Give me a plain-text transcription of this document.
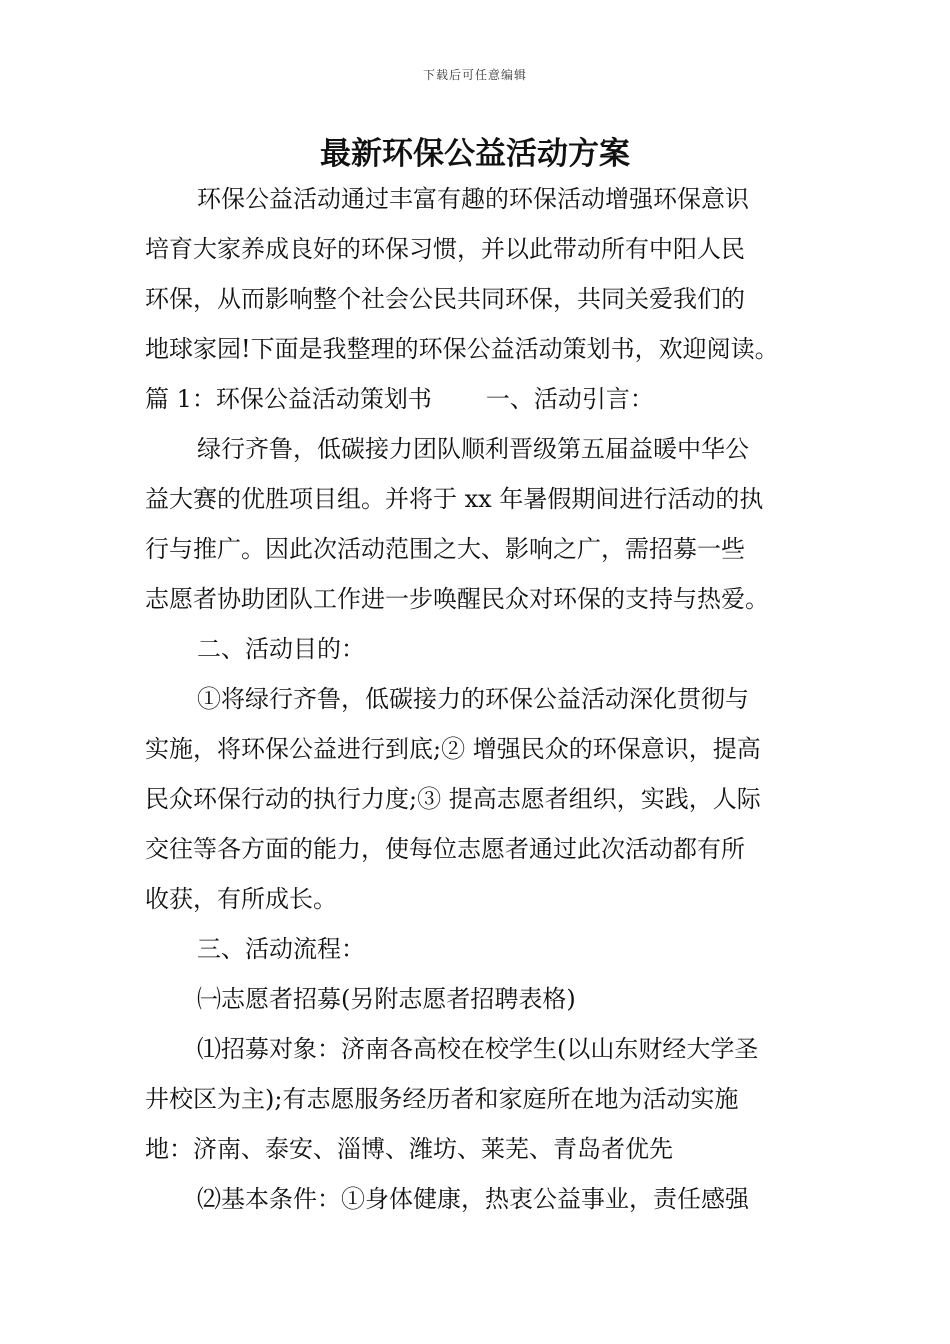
下载后可任意编辑
最新环保公益活动方案
环保公益活动通过丰富有趣的环保活动增强环保意识
培育大家养成良好的环保习惯，并以此带动所有中阳人民
环保，从而影响整个社会公民共同环保，共同关爱我们的
地球家园!下面是我整理的环保公益活动策划书，欢迎阅读。
篇 1：环保公益活动策划书 一、活动引言：
绿行齐鲁，低碳接力团队顺利晋级第五届益暖中华公
益大赛的优胜项目组。并将于 xx 年暑假期间进行活动的执
行与推广。因此次活动范围之大、影响之广，需招募一些
志愿者协助团队工作进一步唤醒民众对环保的支持与热爱。
二、活动目的：
①将绿行齐鲁，低碳接力的环保公益活动深化贯彻与
实施，将环保公益进行到底;② 增强民众的环保意识，提高
民众环保行动的执行力度;③ 提高志愿者组织，实践，人际
交往等各方面的能力，使每位志愿者通过此次活动都有所
收获，有所成长。
三、活动流程：
㈠志愿者招募(另附志愿者招聘表格)
⑴招募对象：济南各高校在校学生(以山东财经大学圣
井校区为主);有志愿服务经历者和家庭所在地为活动实施
地：济南、泰安、淄博、潍坊、莱芜、青岛者优先
⑵基本条件：①身体健康，热衷公益事业，责任感强
